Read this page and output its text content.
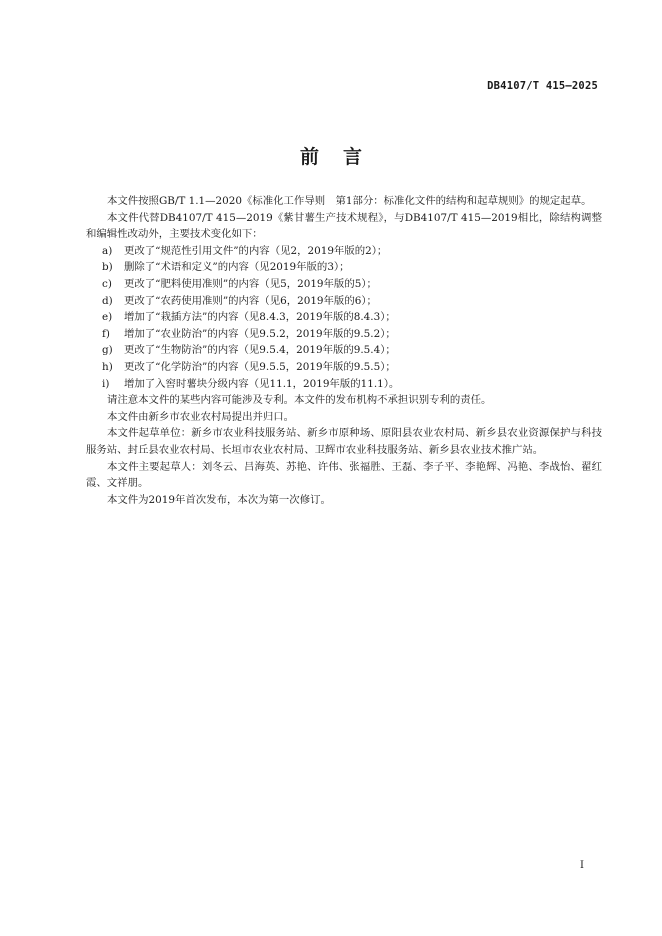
DB4107/T 415—2025
前言

本文件按照GB/T 1.1—2020《标准化工作导则　第1部分：标准化文件的结构和起草规则》的规定起草。

本文件代替DB4107/T 415—2019《紫甘薯生产技术规程》，与DB4107/T 415—2019相比，除结构调整和编辑性改动外，主要技术变化如下：

a) 更改了“规范性引用文件”的内容（见2，2019年版的2）；

b) 删除了“术语和定义”的内容（见2019年版的3）；

c) 更改了“肥料使用准则”的内容（见5，2019年版的5）；

d) 更改了“农药使用准则”的内容（见6，2019年版的6）；

e) 增加了“栽插方法”的内容（见8.4.3，2019年版的8.4.3）；

f) 增加了“农业防治”的内容（见9.5.2，2019年版的9.5.2）；

g) 更改了“生物防治”的内容（见9.5.4，2019年版的9.5.4）；

h) 更改了“化学防治”的内容（见9.5.5，2019年版的9.5.5）；

i) 增加了入窖时薯块分级内容（见11.1，2019年版的11.1）。

请注意本文件的某些内容可能涉及专利。本文件的发布机构不承担识别专利的责任。

本文件由新乡市农业农村局提出并归口。

本文件起草单位：新乡市农业科技服务站、新乡市原种场、原阳县农业农村局、新乡县农业资源保护与科技服务站、封丘县农业农村局、长垣市农业农村局、卫辉市农业科技服务站、新乡县农业技术推广站。

本文件主要起草人：刘冬云、吕海英、苏艳、许伟、张福胜、王磊、李子平、李艳辉、冯艳、李战怡、翟红霞、文祥朋。

本文件为2019年首次发布，本次为第一次修订。

I
